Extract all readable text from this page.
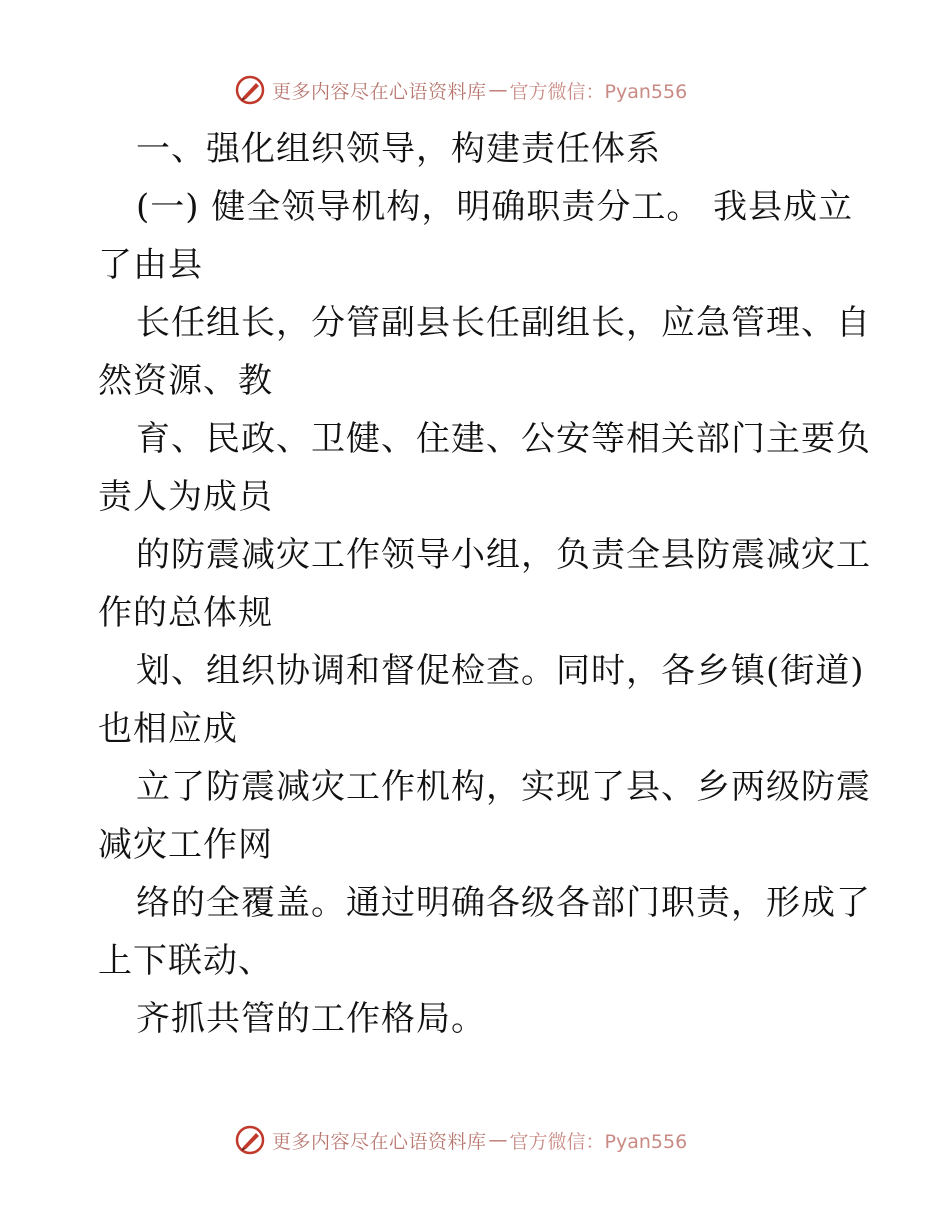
更多内容尽在心语资料库 — 官方微信：Pyan556
一、强化组织领导，构建责任体系
(一) 健全领导机构，明确职责分工。 我县成立
了由县
长任组长，分管副县长任副组长，应急管理、自
然资源、教
育、民政、卫健、住建、公安等相关部门主要负
责人为成员
的防震减灾工作领导小组，负责全县防震减灾工
作的总体规
划、组织协调和督促检查。同时，各乡镇(街道)
也相应成
立了防震减灾工作机构，实现了县、乡两级防震
减灾工作网
络的全覆盖。通过明确各级各部门职责，形成了
上下联动、
齐抓共管的工作格局。
更多内容尽在心语资料库 — 官方微信：Pyan556
